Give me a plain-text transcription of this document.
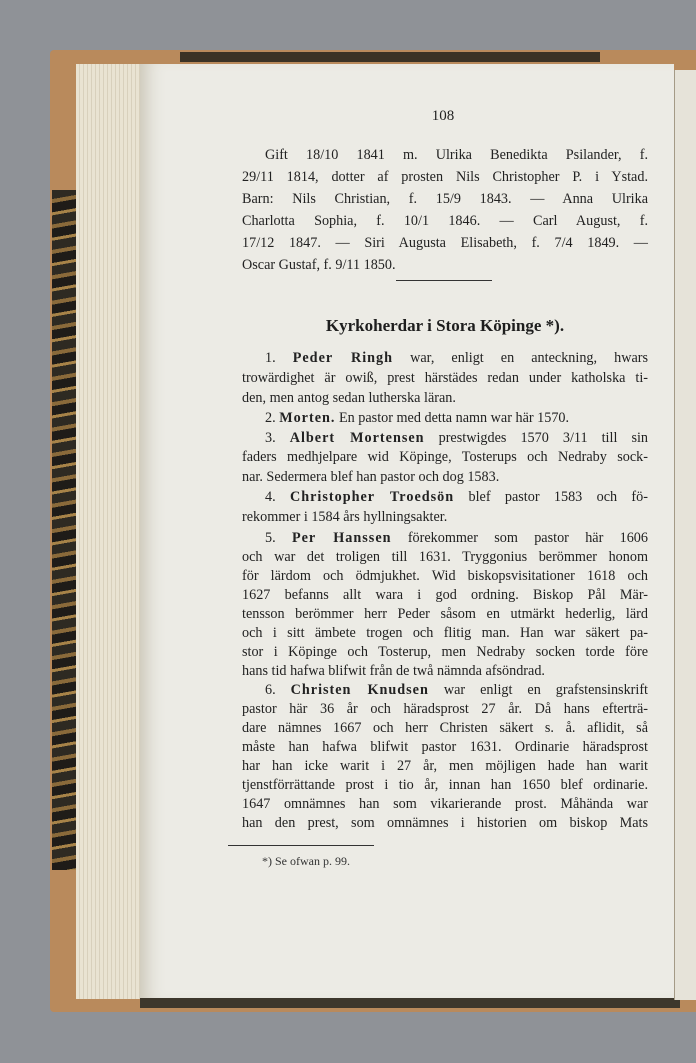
108
Gift 18/10 1841 m. Ulrika Benedikta Psilander, f.
29/11 1814, dotter af prosten Nils Christopher P. i Ystad.
Barn: Nils Christian, f. 15/9 1843. — Anna Ulrika
Charlotta Sophia, f. 10/1 1846. — Carl August, f.
17/12 1847. — Siri Augusta Elisabeth, f. 7/4 1849. —
Oscar Gustaf, f. 9/11 1850.
1. Peder Ringh war, enligt en anteckning, hwars
trowärdighet är owiß, prest härstädes redan under katholska ti-
den, men antog sedan lutherska läran.
2. Morten. En pastor med detta namn war här 1570.
3. Albert Mortensen prestwigdes 1570 3/11 till sin
faders medhjelpare wid Köpinge, Tosterups och Nedraby sock-
nar. Sedermera blef han pastor och dog 1583.
4. Christopher Troedsön blef pastor 1583 och fö-
rekommer i 1584 års hyllningsakter.
5. Per Hanssen förekommer som pastor här 1606
och war det troligen till 1631. Tryggonius berömmer honom
för lärdom och ödmjukhet. Wid biskopsvisitationer 1618 och
1627 befanns allt wara i god ordning. Biskop Pål Mär-
tensson berömmer herr Peder såsom en utmärkt hederlig, lärd
och i sitt ämbete trogen och flitig man. Han war säkert pa-
stor i Köpinge och Tosterup, men Nedraby socken torde före
hans tid hafwa blifwit från de twå nämnda afsöndrad.
6. Christen Knudsen war enligt en grafstensinskrift
pastor här 36 år och häradsprost 27 år. Då hans efterträ-
dare nämnes 1667 och herr Christen säkert s. å. aflidit, så
måste han hafwa blifwit pastor 1631. Ordinarie häradsprost
har han icke warit i 27 år, men möjligen hade han warit
tjenstförrättande prost i tio år, innan han 1650 blef ordinarie.
1647 omnämnes han som vikarierande prost. Måhända war
han den prest, som omnämnes i historien om biskop Mats
Kyrkoherdar i Stora Köpinge *).
*) Se ofwan p. 99.
